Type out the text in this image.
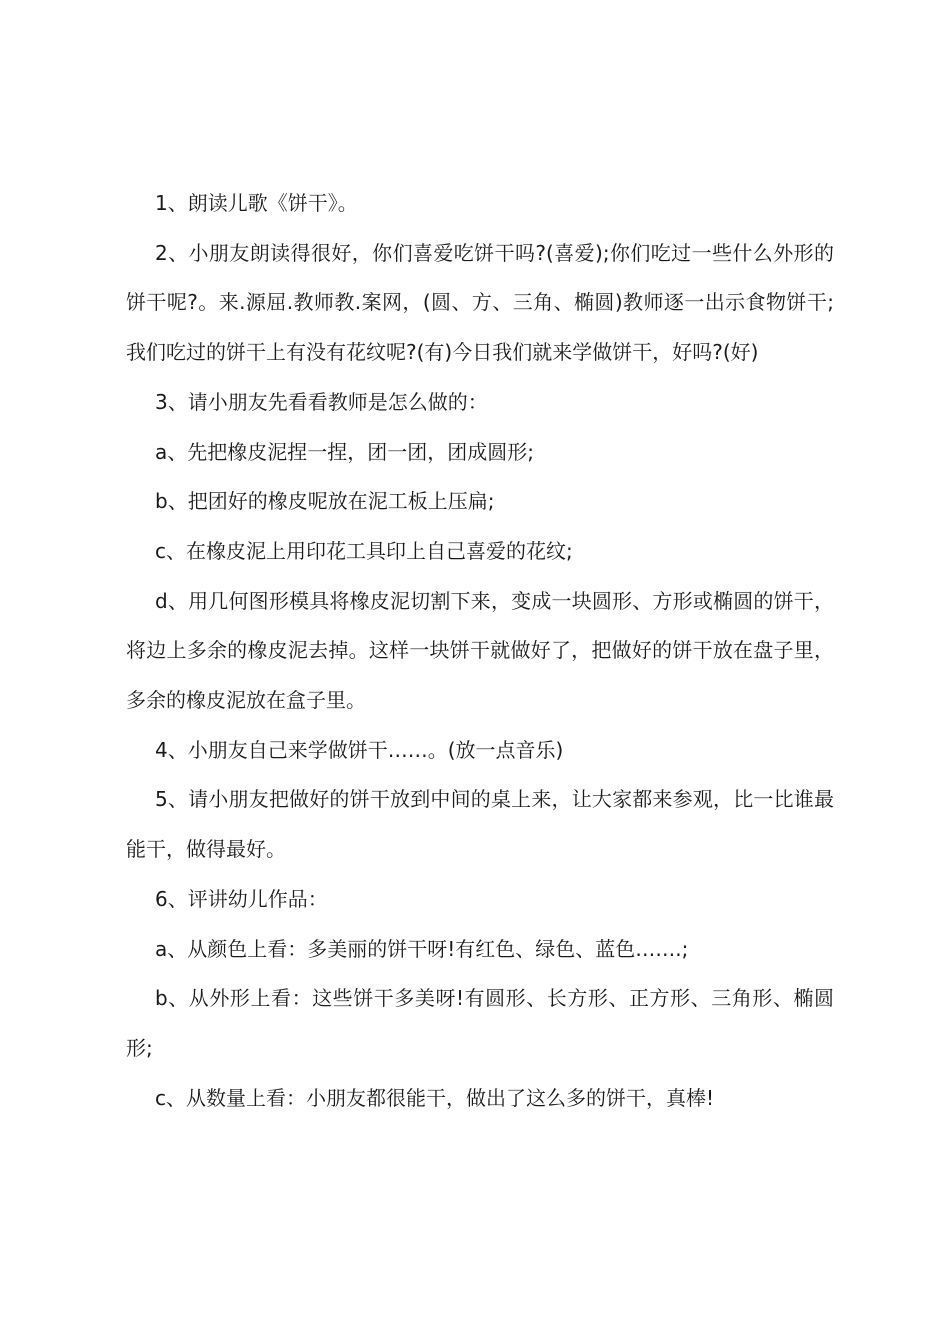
1、朗读儿歌《饼干》。

2、小朋友朗读得很好，你们喜爱吃饼干吗?(喜爱);你们吃过一些什么外形的饼干呢?。来.源屈.教师教.案网，(圆、方、三角、椭圆)教师逐一出示食物饼干;我们吃过的饼干上有没有花纹呢?(有)今日我们就来学做饼干，好吗?(好)

3、请小朋友先看看教师是怎么做的：

a、先把橡皮泥捏一捏，团一团，团成圆形;

b、把团好的橡皮呢放在泥工板上压扁;

c、在橡皮泥上用印花工具印上自己喜爱的花纹;

d、用几何图形模具将橡皮泥切割下来，变成一块圆形、方形或椭圆的饼干，将边上多余的橡皮泥去掉。这样一块饼干就做好了，把做好的饼干放在盘子里，多余的橡皮泥放在盒子里。

4、小朋友自己来学做饼干……。(放一点音乐)

5、请小朋友把做好的饼干放到中间的桌上来，让大家都来参观，比一比谁最能干，做得最好。

6、评讲幼儿作品：

a、从颜色上看：多美丽的饼干呀!有红色、绿色、蓝色…….;

b、从外形上看：这些饼干多美呀!有圆形、长方形、正方形、三角形、椭圆形;

c、从数量上看：小朋友都很能干，做出了这么多的饼干，真棒!
